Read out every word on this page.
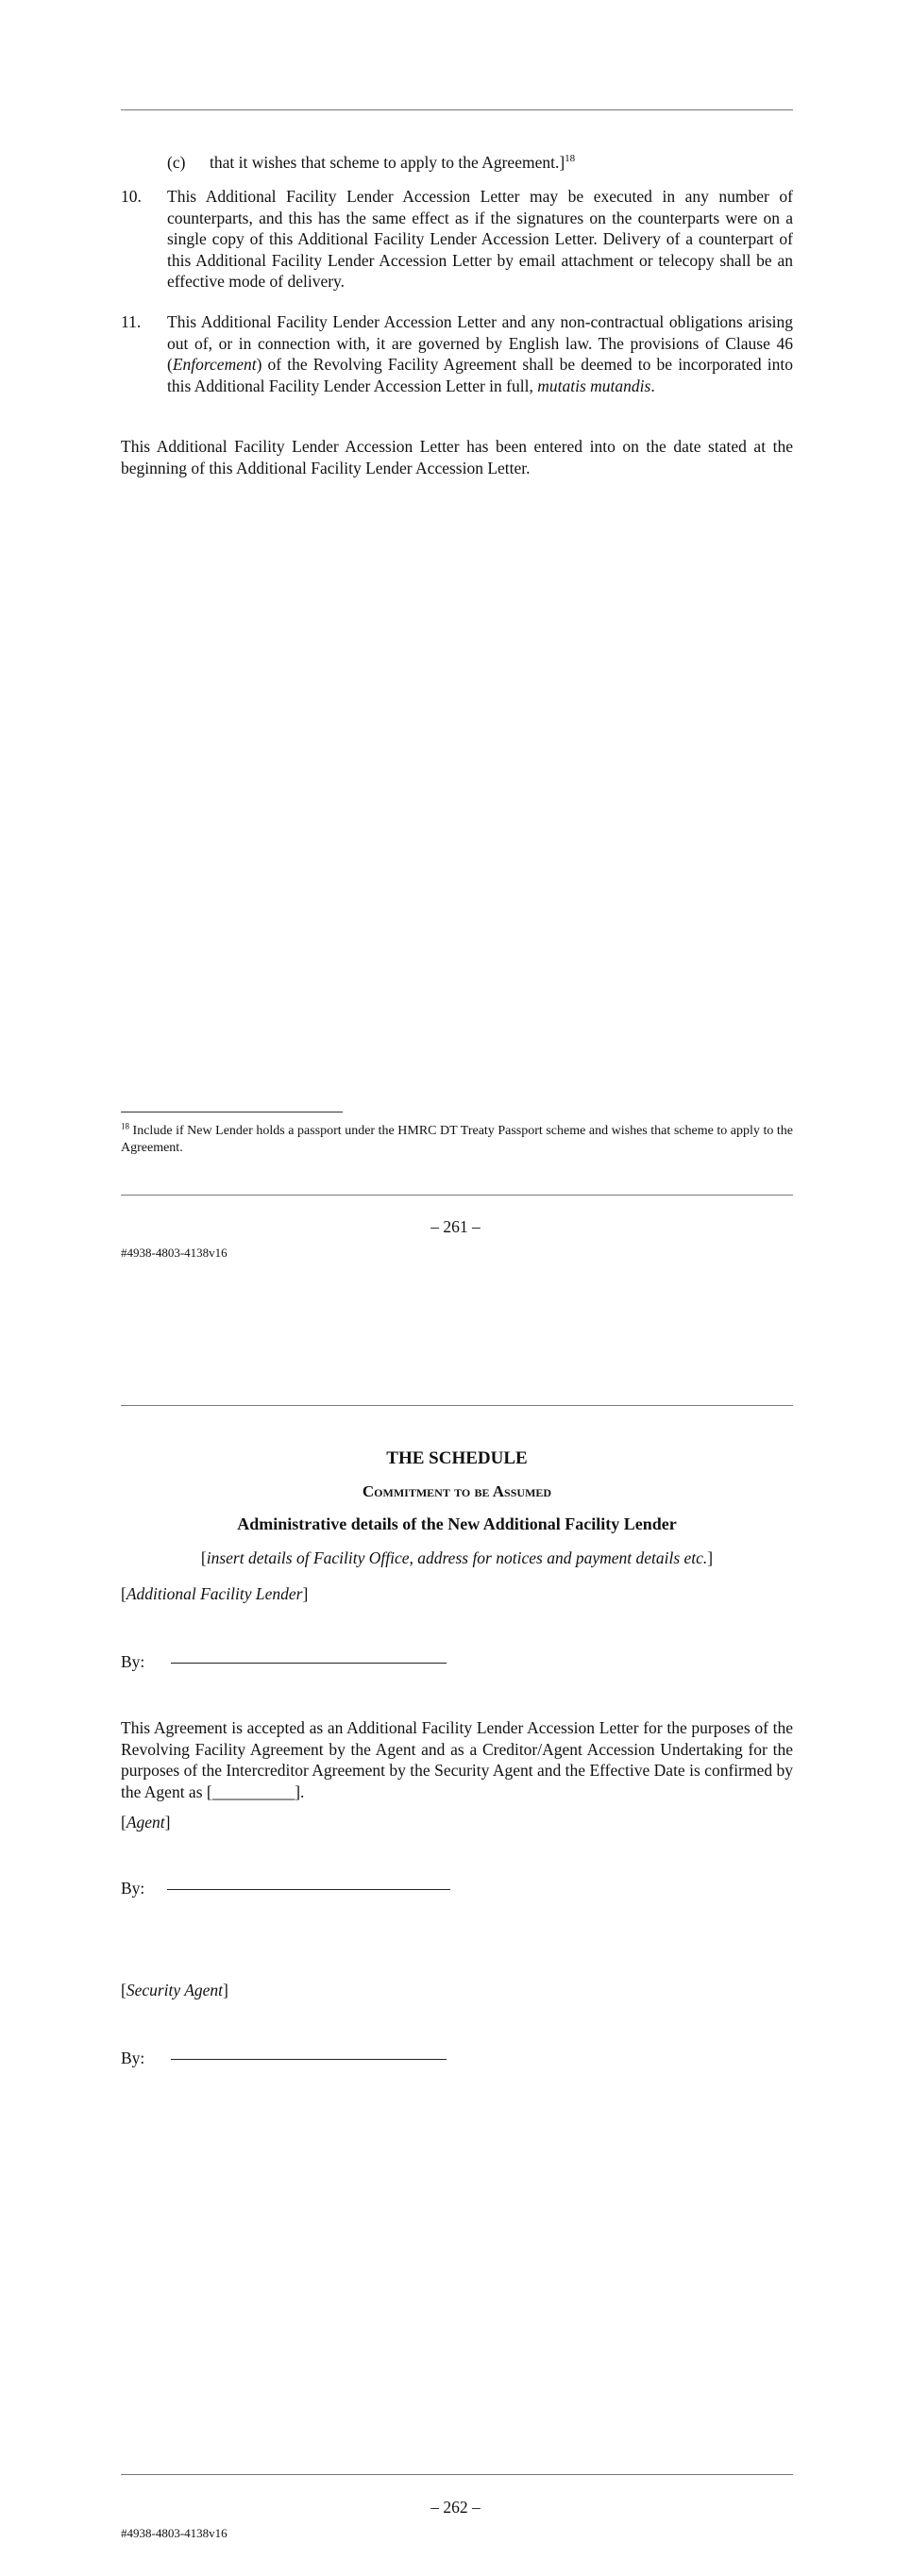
(c) that it wishes that scheme to apply to the Agreement.]$^{18}$
10. This Additional Facility Lender Accession Letter may be executed in any number of counterparts, and this has the same effect as if the signatures on the counterparts were on a single copy of this Additional Facility Lender Accession Letter. Delivery of a counterpart of this Additional Facility Lender Accession Letter by email attachment or telecopy shall be an effective mode of delivery.
11. This Additional Facility Lender Accession Letter and any non-contractual obligations arising out of, or in connection with, it are governed by English law. The provisions of Clause 46 (Enforcement) of the Revolving Facility Agreement shall be deemed to be incorporated into this Additional Facility Lender Accession Letter in full, mutatis mutandis.
This Additional Facility Lender Accession Letter has been entered into on the date stated at the beginning of this Additional Facility Lender Accession Letter.
$^{18}$ Include if New Lender holds a passport under the HMRC DT Treaty Passport scheme and wishes that scheme to apply to the Agreement.
– 261 –
#4938-4803-4138v16
THE SCHEDULE
Commitment to be Assumed
Administrative details of the New Additional Facility Lender
[insert details of Facility Office, address for notices and payment details etc.]
[Additional Facility Lender]
By:
This Agreement is accepted as an Additional Facility Lender Accession Letter for the purposes of the Revolving Facility Agreement by the Agent and as a Creditor/Agent Accession Undertaking for the purposes of the Intercreditor Agreement by the Security Agent and the Effective Date is confirmed by the Agent as [__________].
[Agent]
By:
[Security Agent]
By:
– 262 –
#4938-4803-4138v16
